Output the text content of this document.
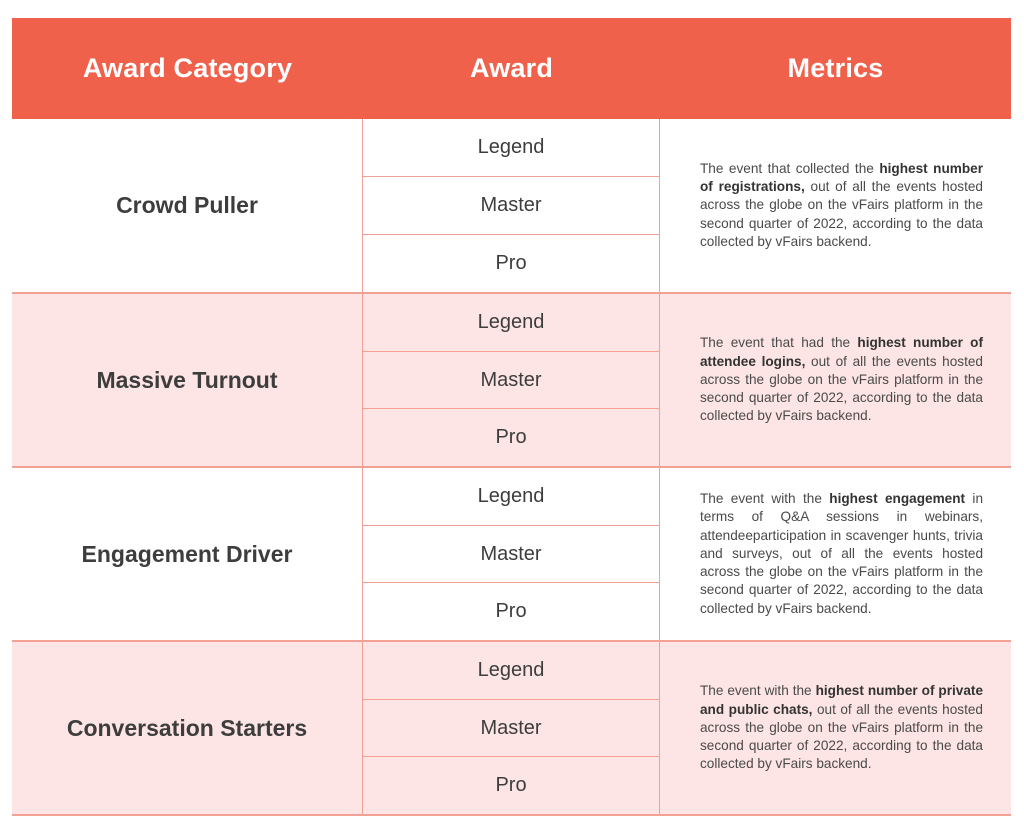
Award Category	Award	Metrics
Crowd Puller
Legend
Master
Pro

The event that collected the highest number of registrations, out of all the events hosted across the globe on the vFairs platform in the second quarter of 2022, according to the data collected by vFairs backend.

Massive Turnout
Legend
Master
Pro

The event that had the highest number of attendee logins, out of all the events hosted across the globe on the vFairs platform in the second quarter of 2022, according to the data collected by vFairs backend.

Engagement Driver
Legend
Master
Pro

The event with the highest engagement in terms of Q&A sessions in webinars, attendeeparticipation in scavenger hunts, trivia and surveys, out of all the events hosted across the globe on the vFairs platform in the second quarter of 2022, according to the data collected by vFairs backend.

Conversation Starters
Legend
Master
Pro

The event with the highest number of private and public chats, out of all the events hosted across the globe on the vFairs platform in the second quarter of 2022, according to the data collected by vFairs backend.
